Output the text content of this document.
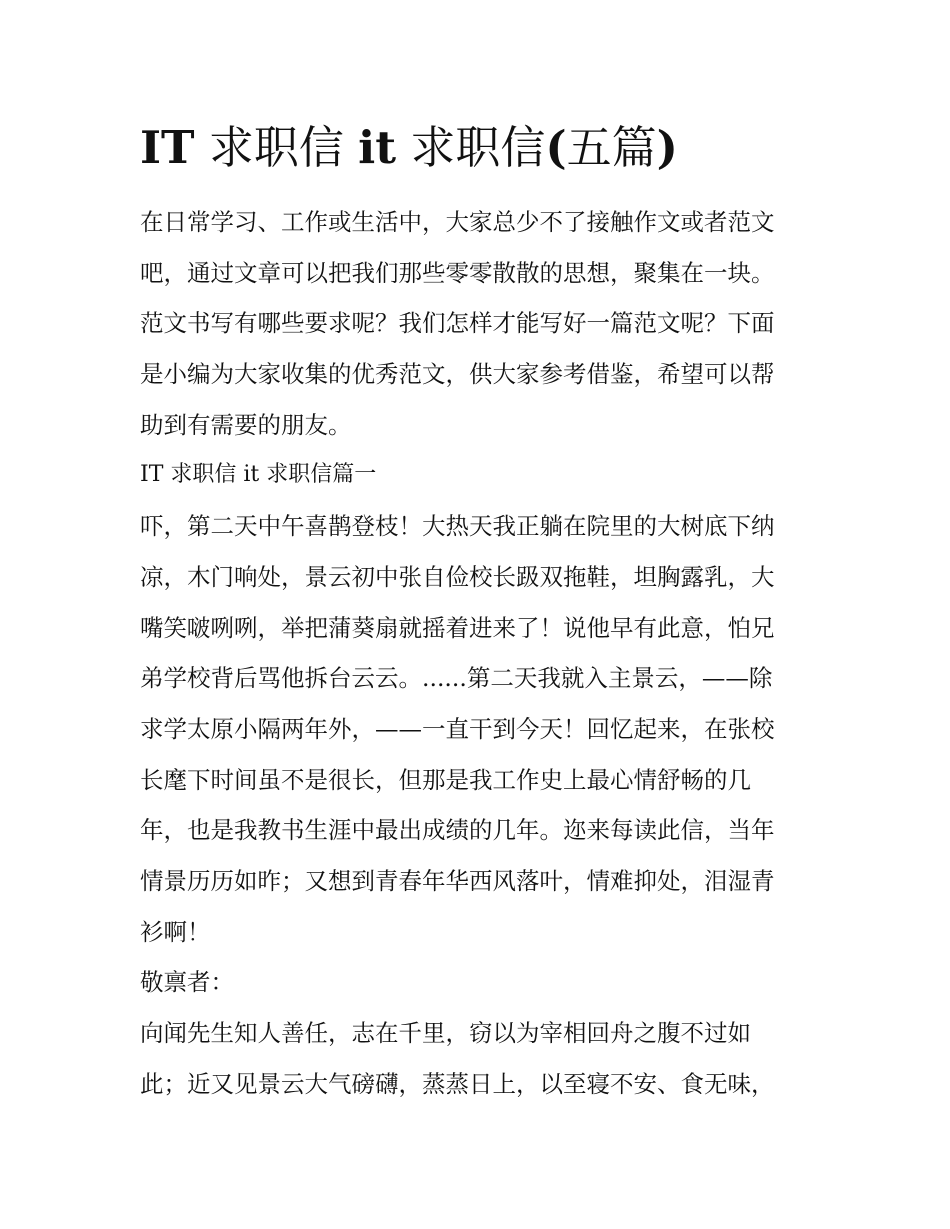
IT 求职信 it 求职信(五篇)
在日常学习、工作或生活中，大家总少不了接触作文或者范文
吧，通过文章可以把我们那些零零散散的思想，聚集在一块。
范文书写有哪些要求呢？我们怎样才能写好一篇范文呢？下面
是小编为大家收集的优秀范文，供大家参考借鉴，希望可以帮
助到有需要的朋友。
IT 求职信 it 求职信篇一
吓，第二天中午喜鹊登枝！大热天我正躺在院里的大树底下纳
凉，木门响处，景云初中张自俭校长趿双拖鞋，坦胸露乳，大
嘴笑啵咧咧，举把蒲葵扇就摇着进来了！说他早有此意，怕兄
弟学校背后骂他拆台云云。......第二天我就入主景云，——除
求学太原小隔两年外，——一直干到今天！回忆起来，在张校
长麾下时间虽不是很长，但那是我工作史上最心情舒畅的几
年，也是我教书生涯中最出成绩的几年。迩来每读此信，当年
情景历历如昨；又想到青春年华西风落叶，情难抑处，泪湿青
衫啊！
敬禀者：
向闻先生知人善任，志在千里，窃以为宰相回舟之腹不过如
此；近又见景云大气磅礴，蒸蒸日上，以至寝不安、食无味，
